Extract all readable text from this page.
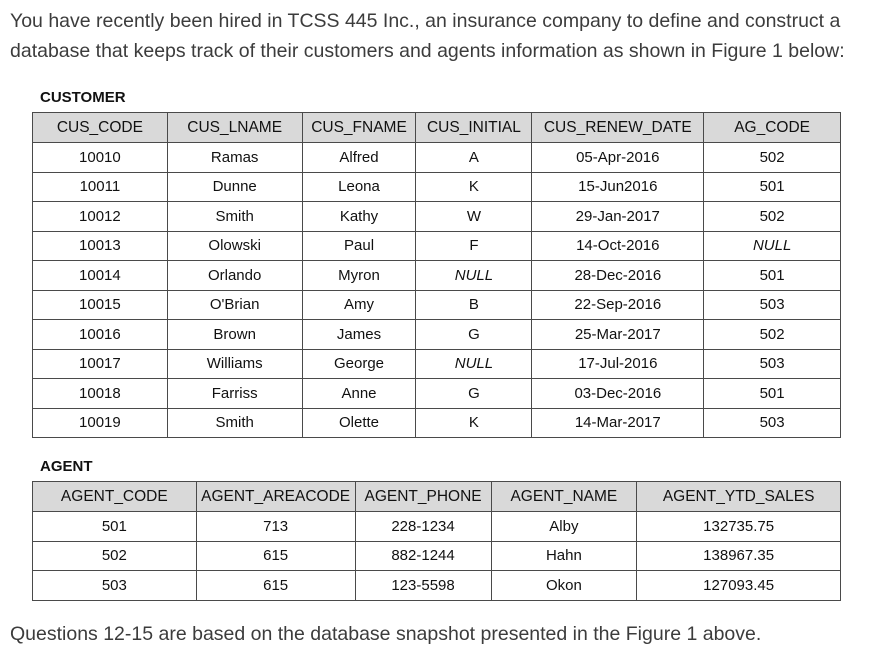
You have recently been hired in TCSS 445 Inc., an insurance company to define and construct a database that keeps track of their customers and agents information as shown in Figure 1 below:
CUSTOMER
CUS_CODE	CUS_LNAME	CUS_FNAME	CUS_INITIAL	CUS_RENEW_DATE	AG_CODE
10010	Ramas	Alfred	A	05-Apr-2016	502
10011	Dunne	Leona	K	15-Jun2016	501
10012	Smith	Kathy	W	29-Jan-2017	502
10013	Olowski	Paul	F	14-Oct-2016	NULL
10014	Orlando	Myron	NULL	28-Dec-2016	501
10015	O'Brian	Amy	B	22-Sep-2016	503
10016	Brown	James	G	25-Mar-2017	502
10017	Williams	George	NULL	17-Jul-2016	503
10018	Farriss	Anne	G	03-Dec-2016	501
10019	Smith	Olette	K	14-Mar-2017	503
AGENT
AGENT_CODE	AGENT_AREACODE	AGENT_PHONE	AGENT_NAME	AGENT_YTD_SALES
501	713	228-1234	Alby	132735.75
502	615	882-1244	Hahn	138967.35
503	615	123-5598	Okon	127093.45
Questions 12-15 are based on the database snapshot presented in the Figure 1 above.
